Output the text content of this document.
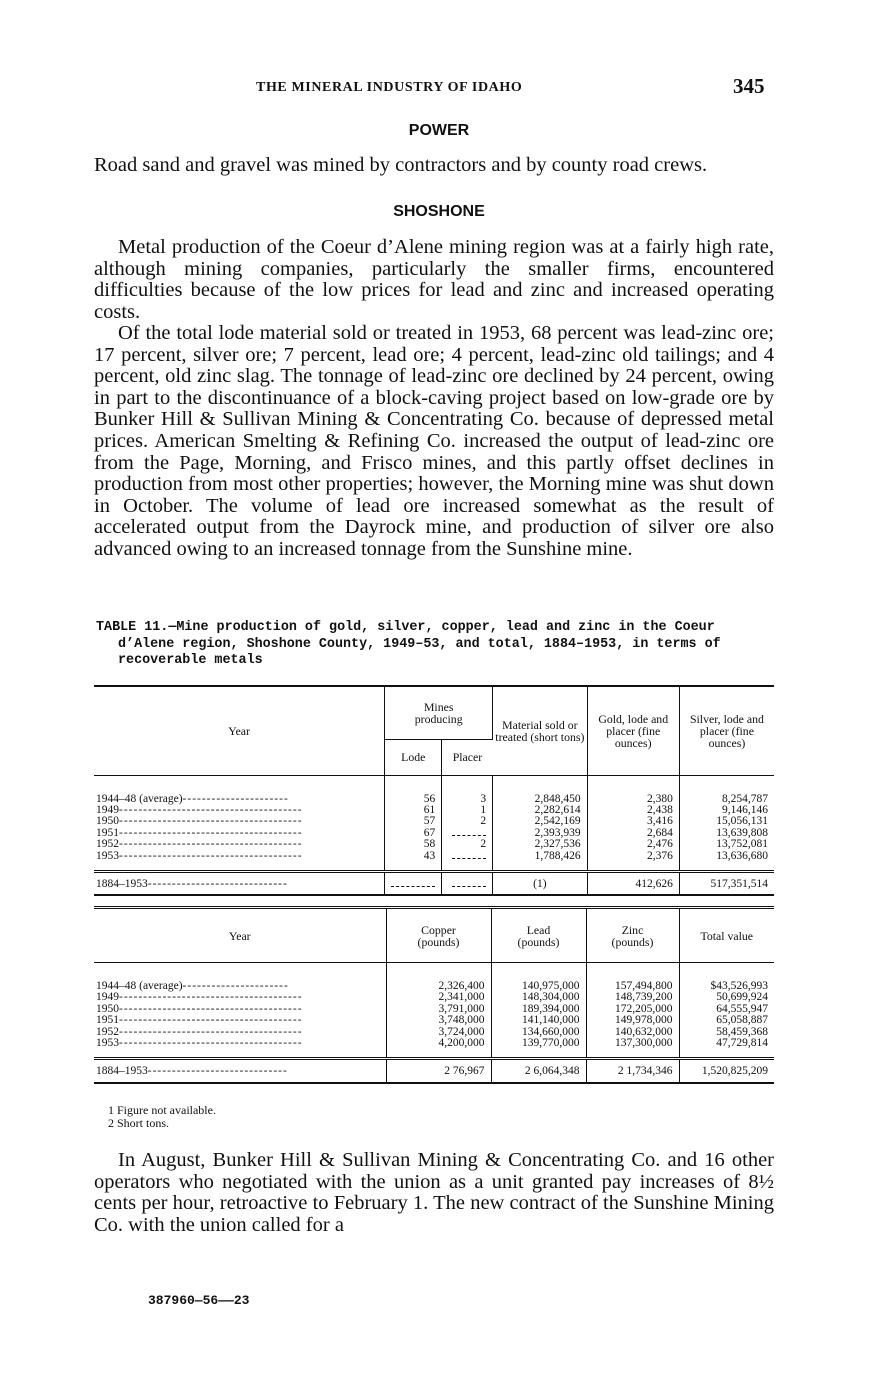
THE MINERAL INDUSTRY OF IDAHO	345
POWER

Road sand and gravel was mined by contractors and by county road crews.

SHOSHONE

Metal production of the Coeur d’Alene mining region was at a fairly high rate, although mining companies, particularly the smaller firms, encountered difficulties because of the low prices for lead and zinc and increased operating costs.

Of the total lode material sold or treated in 1953, 68 percent was lead-zinc ore; 17 percent, silver ore; 7 percent, lead ore; 4 percent, lead-zinc old tailings; and 4 percent, old zinc slag. The tonnage of lead-zinc ore declined by 24 percent, owing in part to the discontinuance of a block-caving project based on low-grade ore by Bunker Hill & Sullivan Mining & Concentrating Co. because of depressed metal prices. American Smelting & Refining Co. increased the output of lead-zinc ore from the Page, Morning, and Frisco mines, and this partly offset declines in production from most other properties; however, the Morning mine was shut down in October. The volume of lead ore increased somewhat as the result of accelerated output from the Dayrock mine, and production of silver ore also advanced owing to an increased tonnage from the Sunshine mine.

TABLE 11.—Mine production of gold, silver, copper, lead and zinc in the Coeur
d’Alene region, Shoshone County, 1949–53, and total, 1884–1953, in terms of recoverable metals
Year	Mines producing		Material sold or treated (short tons)	Gold, lode and placer (fine ounces)	Silver, lode and placer (fine ounces)
	Lode	Placer			
1944–48 (average)----------------------	56	3	2,848,450	2,380	8,254,787
1949--------------------------------------	61	1	2,282,614	2,438	9,146,146
1950--------------------------------------	57	2	2,542,169	3,416	15,056,131
1951--------------------------------------	67		2,393,939	2,684	13,639,808
1952--------------------------------------	58	2	2,327,536	2,476	13,752,081
1953--------------------------------------	43		1,788,426	2,376	13,636,680
1884–1953-----------------------------			(1)	412,626	517,351,514
Year	Copper (pounds)	Lead (pounds)	Zinc (pounds)	Total value
1944–48 (average)----------------------	2,326,400	140,975,000	157,494,800	$43,526,993
1949--------------------------------------	2,341,000	148,304,000	148,739,200	50,699,924
1950--------------------------------------	3,791,000	189,394,000	172,205,000	64,555,947
1951--------------------------------------	3,748,000	141,140,000	149,978,000	65,058,887
1952--------------------------------------	3,724,000	134,660,000	140,632,000	58,459,368
1953--------------------------------------	4,200,000	139,770,000	137,300,000	47,729,814
1884–1953-----------------------------	2 76,967	2 6,064,348	2 1,734,346	1,520,825,209
1 Figure not available.
2 Short tons.

In August, Bunker Hill & Sullivan Mining & Concentrating Co. and 16 other operators who negotiated with the union as a unit granted pay increases of 8½ cents per hour, retroactive to February 1. The new contract of the Sunshine Mining Co. with the union called for a

387960—56——23
